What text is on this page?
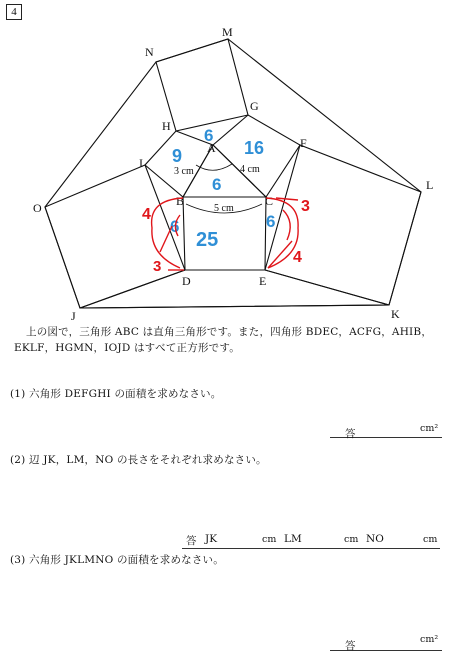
4
M
N
G
H
F
A
I
L
B	C
O
D	E
J	K
3 cm	4 cm
5 cm
9	16
6
6
25
6	6
4
3
3
4
上の図で，三角形 ABC は直角三角形です。また，四角形 BDEC，ACFG，AHIB，EKLF，HGMN，IOJD はすべて正方形です。
(1) 六角形 DEFGHI の面積を求めなさい。
答	cm²
(2) 辺 JK，LM，NO の長さをそれぞれ求めなさい。
答 JK	cm LM	cm NO	cm
(3) 六角形 JKLMNO の面積を求めなさい。
答
cm²
